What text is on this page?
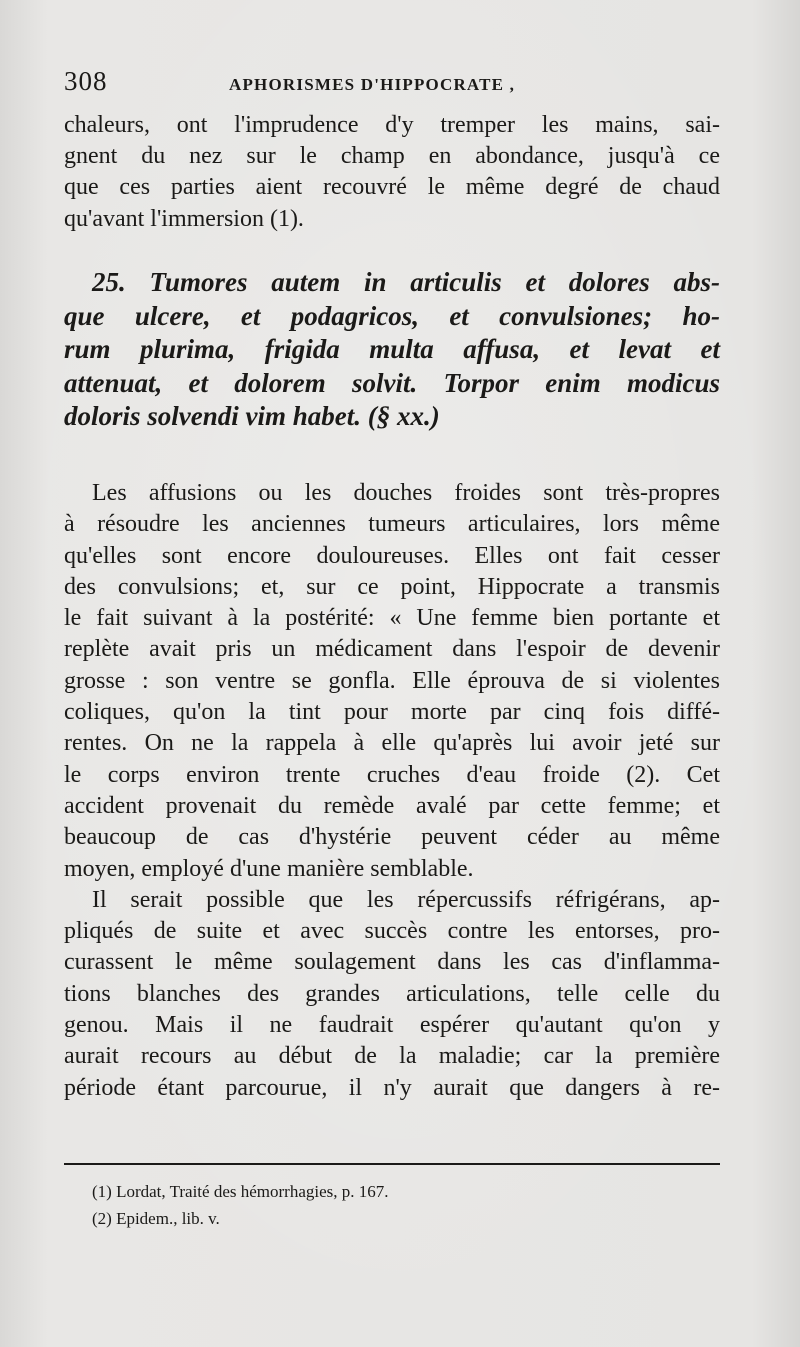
308	APHORISMES D'HIPPOCRATE ,
chaleurs, ont l'imprudence d'y tremper les mains, sai-
gnent du nez sur le champ en abondance, jusqu'à ce
que ces parties aient recouvré le même degré de chaud
qu'avant l'immersion (1).
25. Tumores autem in articulis et dolores abs-
que ulcere, et podagricos, et convulsiones; ho-
rum plurima, frigida multa affusa, et levat et
attenuat, et dolorem solvit. Torpor enim modicus
doloris solvendi vim habet. (§ xx.)
Les affusions ou les douches froides sont très-propres
à résoudre les anciennes tumeurs articulaires, lors même
qu'elles sont encore douloureuses. Elles ont fait cesser
des convulsions; et, sur ce point, Hippocrate a transmis
le fait suivant à la postérité: « Une femme bien portante et
replète avait pris un médicament dans l'espoir de devenir
grosse : son ventre se gonfla. Elle éprouva de si violentes
coliques, qu'on la tint pour morte par cinq fois diffé-
rentes. On ne la rappela à elle qu'après lui avoir jeté sur
le corps environ trente cruches d'eau froide (2). Cet
accident provenait du remède avalé par cette femme; et
beaucoup de cas d'hystérie peuvent céder au même
moyen, employé d'une manière semblable.
Il serait possible que les répercussifs réfrigérans, ap-
pliqués de suite et avec succès contre les entorses, pro-
curassent le même soulagement dans les cas d'inflamma-
tions blanches des grandes articulations, telle celle du
genou. Mais il ne faudrait espérer qu'autant qu'on y
aurait recours au début de la maladie; car la première
période étant parcourue, il n'y aurait que dangers à re-
(1) Lordat, Traité des hémorrhagies, p. 167.
(2) Epidem., lib. v.
